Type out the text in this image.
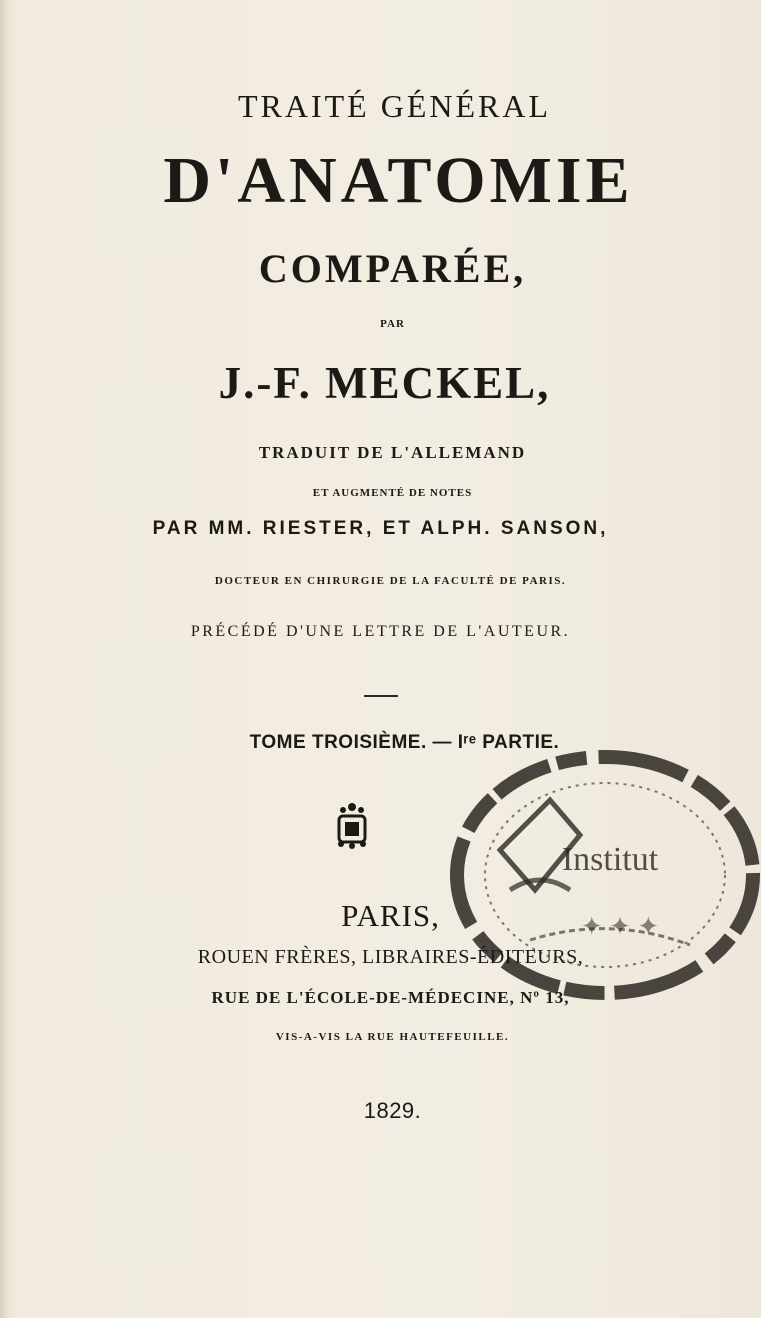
TRAITÉ GÉNÉRAL
D'ANATOMIE
COMPARÉE,
PAR
J.-F. MECKEL,
TRADUIT DE L'ALLEMAND
ET AUGMENTÉ DE NOTES
PAR MM. RIESTER, ET ALPH. SANSON,
DOCTEUR EN CHIRURGIE DE LA FACULTÉ DE PARIS.
PRÉCÉDÉ D'UNE LETTRE DE L'AUTEUR.
TOME TROISIÈME. — Iʳᵉ PARTIE.
Institut
✦ ✦ ✦
PARIS,
ROUEN FRÈRES, LIBRAIRES-ÉDITEURS,
RUE DE L'ÉCOLE-DE-MÉDECINE, Nº 13,
VIS-A-VIS LA RUE HAUTEFEUILLE.
1829.
